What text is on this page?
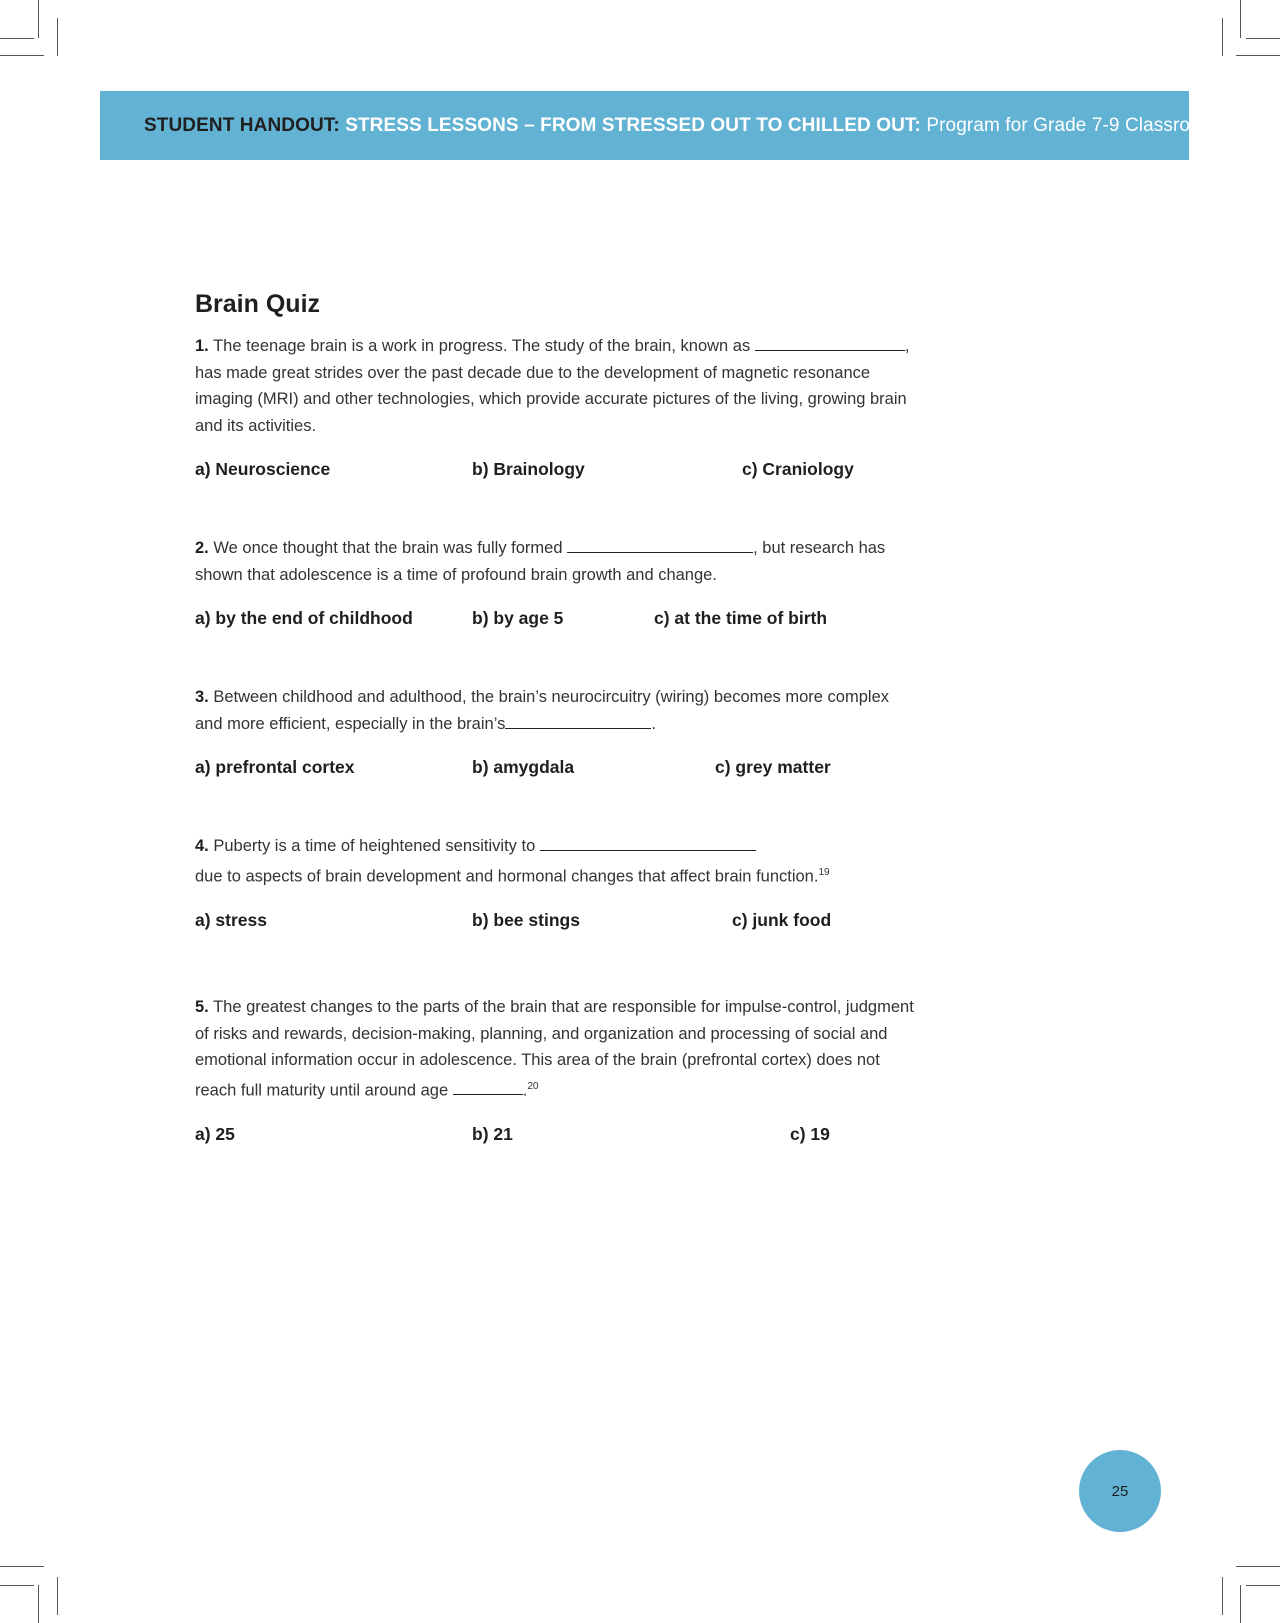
STUDENT HANDOUT: STRESS LESSONS – FROM STRESSED OUT TO CHILLED OUT: Program for Grade 7-9 Classrooms
Brain Quiz

1. The teenage brain is a work in progress. The study of the brain, known as	, has made great strides over the past decade due to the development of magnetic resonance imaging (MRI) and other technologies, which provide accurate pictures of the living, growing brain and its activities.

a) Neuroscience	b) Brainology	c) Craniology

2. We once thought that the brain was fully formed	, but research has shown that adolescence is a time of profound brain growth and change.

a) by the end of childhood	b) by age 5	c) at the time of birth

3. Between childhood and adulthood, the brain’s neurocircuitry (wiring) becomes more complex and more efficient, especially in the brain’s	.

a) prefrontal cortex	b) amygdala	c) grey matter

4. Puberty is a time of heightened sensitivity to
due to aspects of brain development and hormonal changes that affect brain function.$^{19}$

a) stress	b) bee stings	c) junk food

5. The greatest changes to the parts of the brain that are responsible for impulse-control, judgment of risks and rewards, decision-making, planning, and organization and processing of social and emotional information occur in adolescence. This area of the brain (prefrontal cortex) does not reach full maturity until around age	.$^{20}$

a) 25	b) 21	c) 19
25
